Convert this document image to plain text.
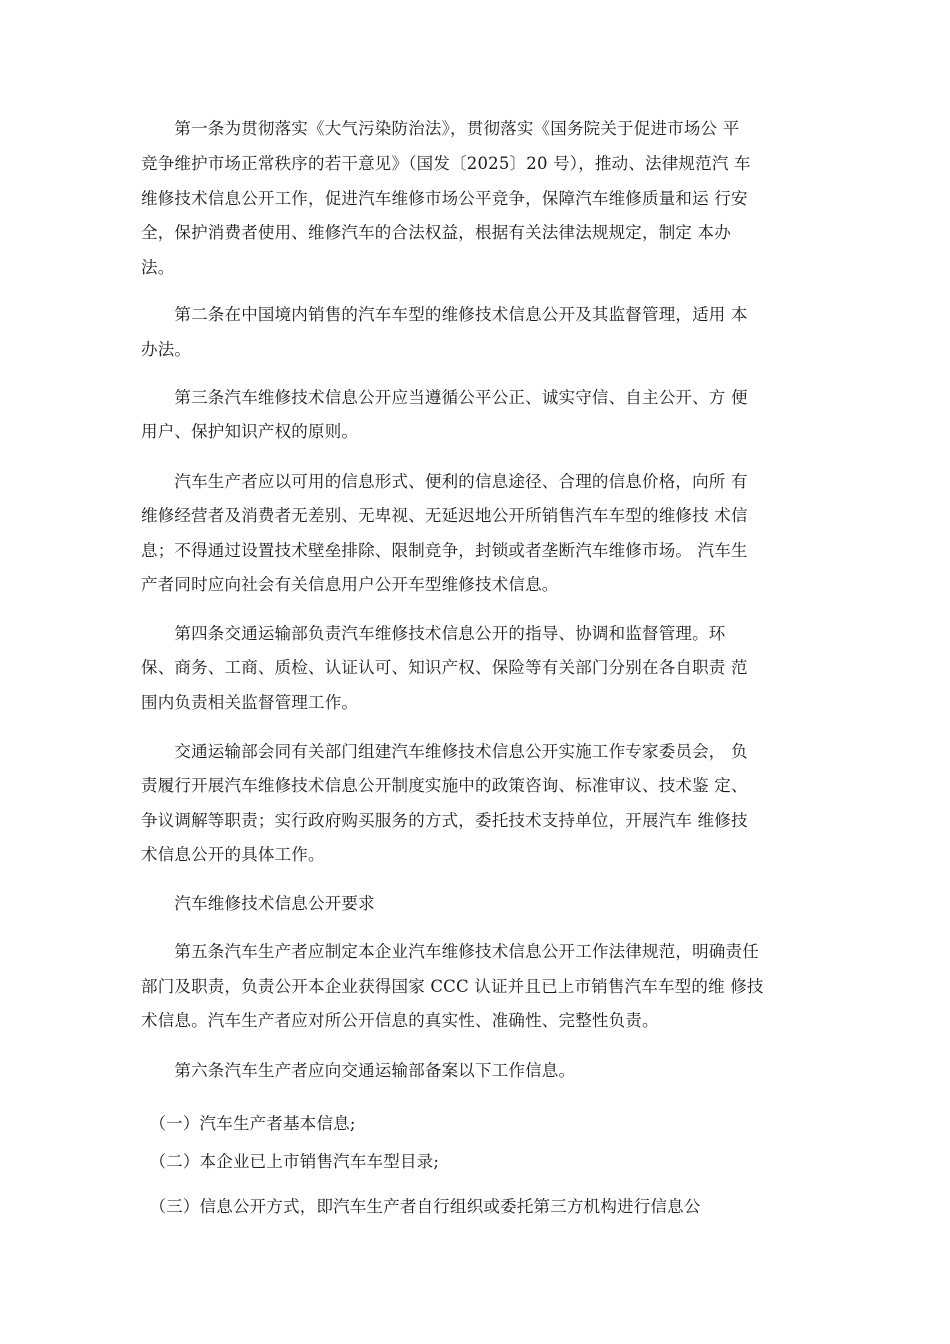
　　第一条为贯彻落实《大气污染防治法》，贯彻落实《国务院关于促进市场公 平
竞争维护市场正常秩序的若干意见》（国发〔2025〕20 号），推动、法律规范汽 车
维修技术信息公开工作，促进汽车维修市场公平竞争，保障汽车维修质量和运 行安
全，保护消费者使用、维修汽车的合法权益，根据有关法律法规规定，制定 本办
法。
　　第二条在中国境内销售的汽车车型的维修技术信息公开及其监督管理，适用 本
办法。
　　第三条汽车维修技术信息公开应当遵循公平公正、诚实守信、自主公开、方 便
用户、保护知识产权的原则。
　　汽车生产者应以可用的信息形式、便利的信息途径、合理的信息价格，向所 有
维修经营者及消费者无差别、无卑视、无延迟地公开所销售汽车车型的维修技 术信
息；不得通过设置技术壁垒排除、限制竞争，封锁或者垄断汽车维修市场。 汽车生
产者同时应向社会有关信息用户公开车型维修技术信息。
　　第四条交通运输部负责汽车维修技术信息公开的指导、协调和监督管理。环
保、商务、工商、质检、认证认可、知识产权、保险等有关部门分别在各自职责 范
围内负责相关监督管理工作。
　　交通运输部会同有关部门组建汽车维修技术信息公开实施工作专家委员会， 负
责履行开展汽车维修技术信息公开制度实施中的政策咨询、标准审议、技术鉴 定、
争议调解等职责；实行政府购买服务的方式，委托技术支持单位，开展汽车 维修技
术信息公开的具体工作。
　　汽车维修技术信息公开要求
　　第五条汽车生产者应制定本企业汽车维修技术信息公开工作法律规范，明确责任
部门及职责，负责公开本企业获得国家 CCC 认证并且已上市销售汽车车型的维 修技
术信息。汽车生产者应对所公开信息的真实性、准确性、完整性负责。
　　第六条汽车生产者应向交通运输部备案以下工作信息。
　（一）汽车生产者基本信息;
　（二）本企业已上市销售汽车车型目录;
　（三）信息公开方式，即汽车生产者自行组织或委托第三方机构进行信息公
